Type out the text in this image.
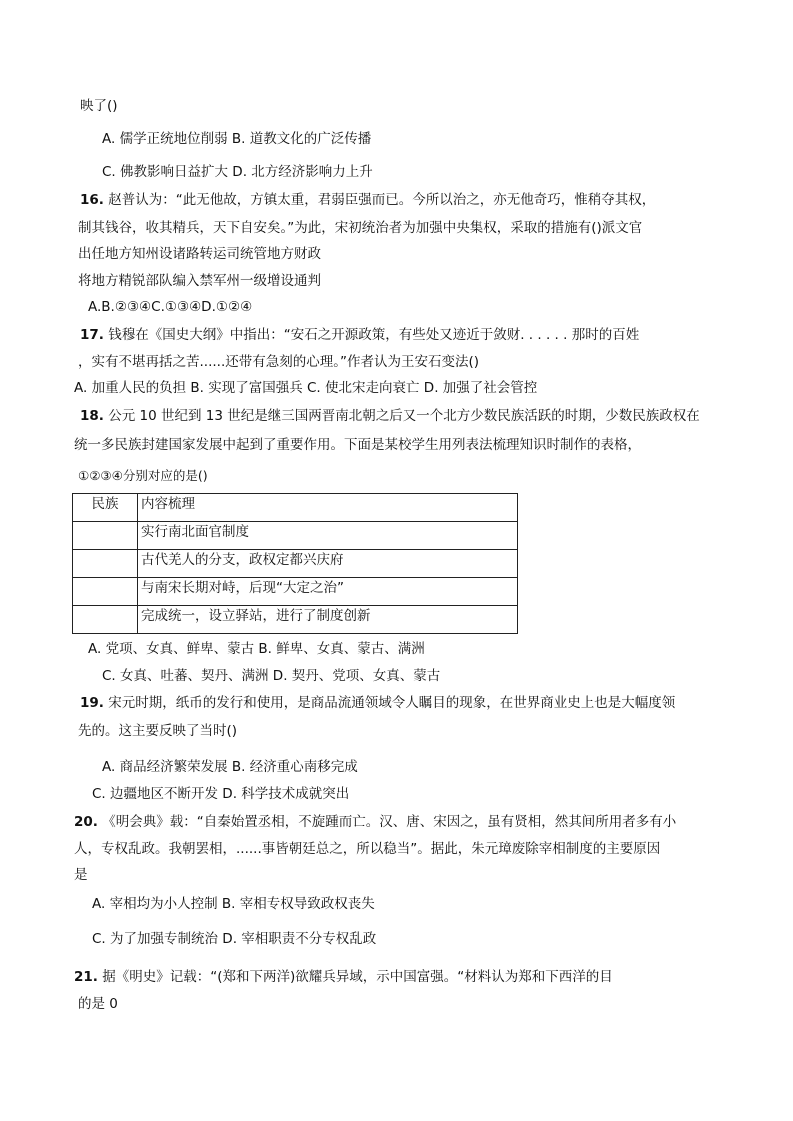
映了()
A. 儒学正统地位削弱 B. 道教文化的广泛传播
C. 佛教影响日益扩大 D. 北方经济影响力上升
16. 赵普认为：“此无他故，方镇太重，君弱臣强而已。今所以治之，亦无他奇巧，惟稍夺其权，
制其钱谷，收其精兵，天下自安矣。”为此，宋初统治者为加强中央集权，采取的措施有()派文官
出任地方知州设诸路转运司统管地方财政
将地方精锐部队编入禁军州一级增设通判
A.B.②③④C.①③④D.①②④
17. 钱穆在《国史大纲》中指出：“安石之开源政策，有些处又迹近于敛财. . . . . . 那时的百姓
，实有不堪再括之苦......还带有急刻的心理。”作者认为王安石变法()
A. 加重人民的负担 B. 实现了富国强兵 C. 使北宋走向衰亡 D. 加强了社会管控
18. 公元 10 世纪到 13 世纪是继三国两晋南北朝之后又一个北方少数民族活跃的时期，少数民族政权在
统一多民族封建国家发展中起到了重要作用。下面是某校学生用列表法梳理知识时制作的表格，
①②③④分别对应的是()
民族	内容梳理
	实行南北面官制度
	古代羌人的分支，政权定都兴庆府
	与南宋长期对峙，后现“大定之治”
	完成统一，设立驿站，进行了制度创新
A. 党项、女真、鲜卑、蒙古 B. 鲜卑、女真、蒙古、满洲
C. 女真、吐蕃、契丹、满洲 D. 契丹、党项、女真、蒙古
19. 宋元时期，纸币的发行和使用，是商品流通领域令人瞩目的现象，在世界商业史上也是大幅度领
先的。这主要反映了当时()
A. 商品经济繁荣发展 B. 经济重心南移完成
C. 边疆地区不断开发 D. 科学技术成就突出
20. 《明会典》载：“自秦始置丞相，不旋踵而亡。汉、唐、宋因之，虽有贤相，然其间所用者多有小
人，专权乱政。我朝罢相，......事皆朝廷总之，所以稳当”。据此，朱元璋废除宰相制度的主要原因
是
A. 宰相均为小人控制 B. 宰相专权导致政权丧失
C. 为了加强专制统治 D. 宰相职责不分专权乱政
21. 据《明史》记载：“(郑和下两洋)欲耀兵异域，示中国富强。“材料认为郑和下西洋的目
的是 0
